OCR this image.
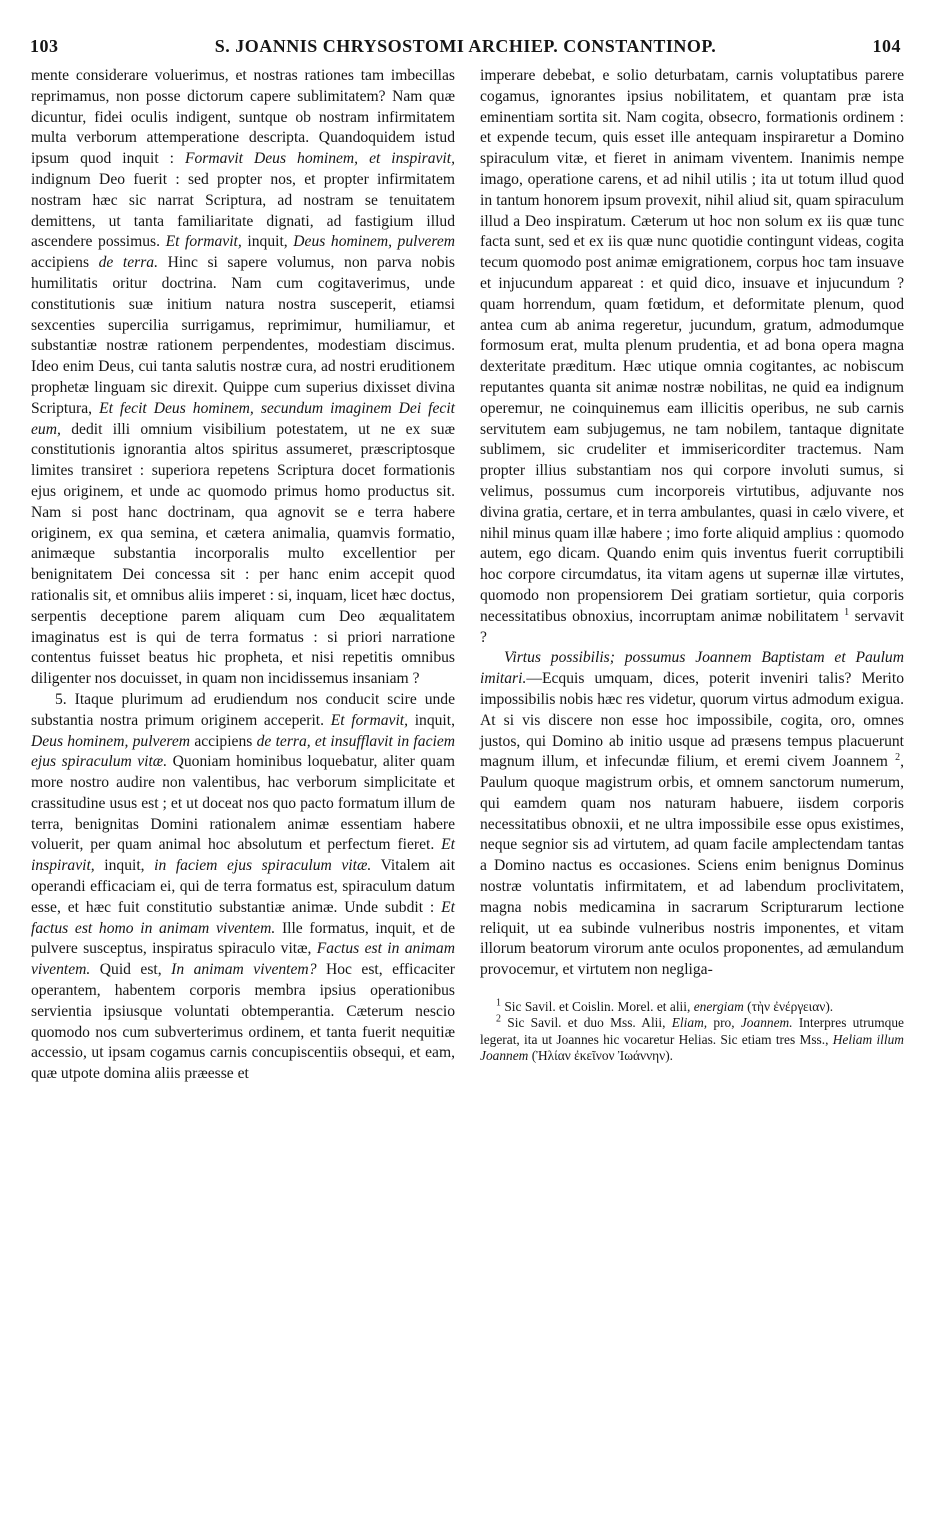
103	S. JOANNIS CHRYSOSTOMI ARCHIEP. CONSTANTINOP.	104

mente considerare voluerimus, et nostras rationes tam imbecillas reprimamus, non posse dictorum capere sublimitatem? Nam quæ dicuntur, fidei oculis indigent, suntque ob nostram infirmitatem multa verborum attemperatione descripta. Quandoquidem istud ipsum quod inquit : Formavit Deus hominem, et inspiravit, indignum Deo fuerit : sed propter nos, et propter infirmitatem nostram hæc sic narrat Scriptura, ad nostram se tenuitatem demittens, ut tanta familiaritate dignati, ad fastigium illud ascendere possimus. Et formavit, inquit, Deus hominem, pulverem accipiens de terra. Hinc si sapere volumus, non parva nobis humilitatis oritur doctrina. Nam cum cogitaverimus, unde constitutionis suæ initium natura nostra susceperit, etiamsi sexcenties supercilia surrigamus, reprimimur, humiliamur, et substantiæ nostræ rationem perpendentes, modestiam discimus. Ideo enim Deus, cui tanta salutis nostræ cura, ad nostri eruditionem prophetæ linguam sic direxit. Quippe cum superius dixisset divina Scriptura, Et fecit Deus hominem, secundum imaginem Dei fecit eum, dedit illi omnium visibilium potestatem, ut ne ex suæ constitutionis ignorantia altos spiritus assumeret, præscriptosque limites transiret : superiora repetens Scriptura docet formationis ejus originem, et unde ac quomodo primus homo productus sit. Nam si post hanc doctrinam, qua agnovit se e terra habere originem, ex qua semina, et cætera animalia, quamvis formatio, animæque substantia incorporalis multo excellentior per benignitatem Dei concessa sit : per hanc enim accepit quod rationalis sit, et omnibus aliis imperet : si, inquam, licet hæc doctus, serpentis deceptione parem aliquam cum Deo æqualitatem imaginatus est is qui de terra formatus : si priori narratione contentus fuisset beatus hic propheta, et nisi repetitis omnibus diligenter nos docuisset, in quam non incidissemus insaniam ?

5. Itaque plurimum ad erudiendum nos conducit scire unde substantia nostra primum originem acceperit. Et formavit, inquit, Deus hominem, pulverem accipiens de terra, et insufflavit in faciem ejus spiraculum vitæ. Quoniam hominibus loquebatur, aliter quam more nostro audire non valentibus, hac verborum simplicitate et crassitudine usus est ; et ut doceat nos quo pacto formatum illum de terra, benignitas Domini rationalem animæ essentiam habere voluerit, per quam animal hoc absolutum et perfectum fieret. Et inspiravit, inquit, in faciem ejus spiraculum vitæ. Vitalem ait operandi efficaciam ei, qui de terra formatus est, spiraculum datum esse, et hæc fuit constitutio substantiæ animæ. Unde subdit : Et factus est homo in animam viventem. Ille formatus, inquit, et de pulvere susceptus, inspiratus spiraculo vitæ, Factus est in animam viventem. Quid est, In animam viventem? Hoc est, efficaciter operantem, habentem corporis membra ipsius operationibus servientia ipsiusque voluntati obtemperantia. Cæterum nescio quomodo nos cum subverterimus ordinem, et tanta fuerit nequitiæ accessio, ut ipsam cogamus carnis concupiscentiis obsequi, et eam, quæ utpote domina aliis præesse et

imperare debebat, e solio deturbatam, carnis voluptatibus parere cogamus, ignorantes ipsius nobilitatem, et quantam præ ista eminentiam sortita sit. Nam cogita, obsecro, formationis ordinem : et expende tecum, quis esset ille antequam inspiraretur a Domino spiraculum vitæ, et fieret in animam viventem. Inanimis nempe imago, operatione carens, et ad nihil utilis ; ita ut totum illud quod in tantum honorem ipsum provexit, nihil aliud sit, quam spiraculum illud a Deo inspiratum. Cæterum ut hoc non solum ex iis quæ tunc facta sunt, sed et ex iis quæ nunc quotidie contingunt videas, cogita tecum quomodo post animæ emigrationem, corpus hoc tam insuave et injucundum appareat : et quid dico, insuave et injucundum ? quam horrendum, quam fœtidum, et deformitate plenum, quod antea cum ab anima regeretur, jucundum, gratum, admodumque formosum erat, multa plenum prudentia, et ad bona opera magna dexteritate præditum. Hæc utique omnia cogitantes, ac nobiscum reputantes quanta sit animæ nostræ nobilitas, ne quid ea indignum operemur, ne coinquinemus eam illicitis operibus, ne sub carnis servitutem eam subjugemus, ne tam nobilem, tantaque dignitate sublimem, sic crudeliter et immisericorditer tractemus. Nam propter illius substantiam nos qui corpore involuti sumus, si velimus, possumus cum incorporeis virtutibus, adjuvante nos divina gratia, certare, et in terra ambulantes, quasi in cælo vivere, et nihil minus quam illæ habere ; imo forte aliquid amplius : quomodo autem, ego dicam. Quando enim quis inventus fuerit corruptibili hoc corpore circumdatus, ita vitam agens ut supernæ illæ virtutes, quomodo non propensiorem Dei gratiam sortietur, quia corporis necessitatibus obnoxius, incorruptam animæ nobilitatem $^1$ servavit ?

Virtus possibilis; possumus Joannem Baptistam et Paulum imitari.—Ecquis umquam, dices, poterit inveniri talis? Merito impossibilis nobis hæc res videtur, quorum virtus admodum exigua. At si vis discere non esse hoc impossibile, cogita, oro, omnes justos, qui Domino ab initio usque ad præsens tempus placuerunt magnum illum, et infecundæ filium, et eremi civem Joannem $^2$, Paulum quoque magistrum orbis, et omnem sanctorum numerum, qui eamdem quam nos naturam habuere, iisdem corporis necessitatibus obnoxii, et ne ultra impossibile esse opus existimes, neque segnior sis ad virtutem, ad quam facile amplectendam tantas a Domino nactus es occasiones. Sciens enim benignus Dominus nostræ voluntatis infirmitatem, et ad labendum proclivitatem, magna nobis medicamina in sacrarum Scripturarum lectione reliquit, ut ea subinde vulneribus nostris imponentes, et vitam illorum beatorum virorum ante oculos proponentes, ad æmulandum provocemur, et virtutem non negliga-

$^1$ Sic Savil. et Coislin. Morel. et alii, energiam (τὴν ἐνέργειαν).

$^2$ Sic Savil. et duo Mss. Alii, Eliam, pro, Joannem. Interpres utrumque legerat, ita ut Joannes hic vocaretur Helias. Sic etiam tres Mss., Heliam illum Joannem (Ἠλίαν ἐκεῖνον Ἰωάννην).
